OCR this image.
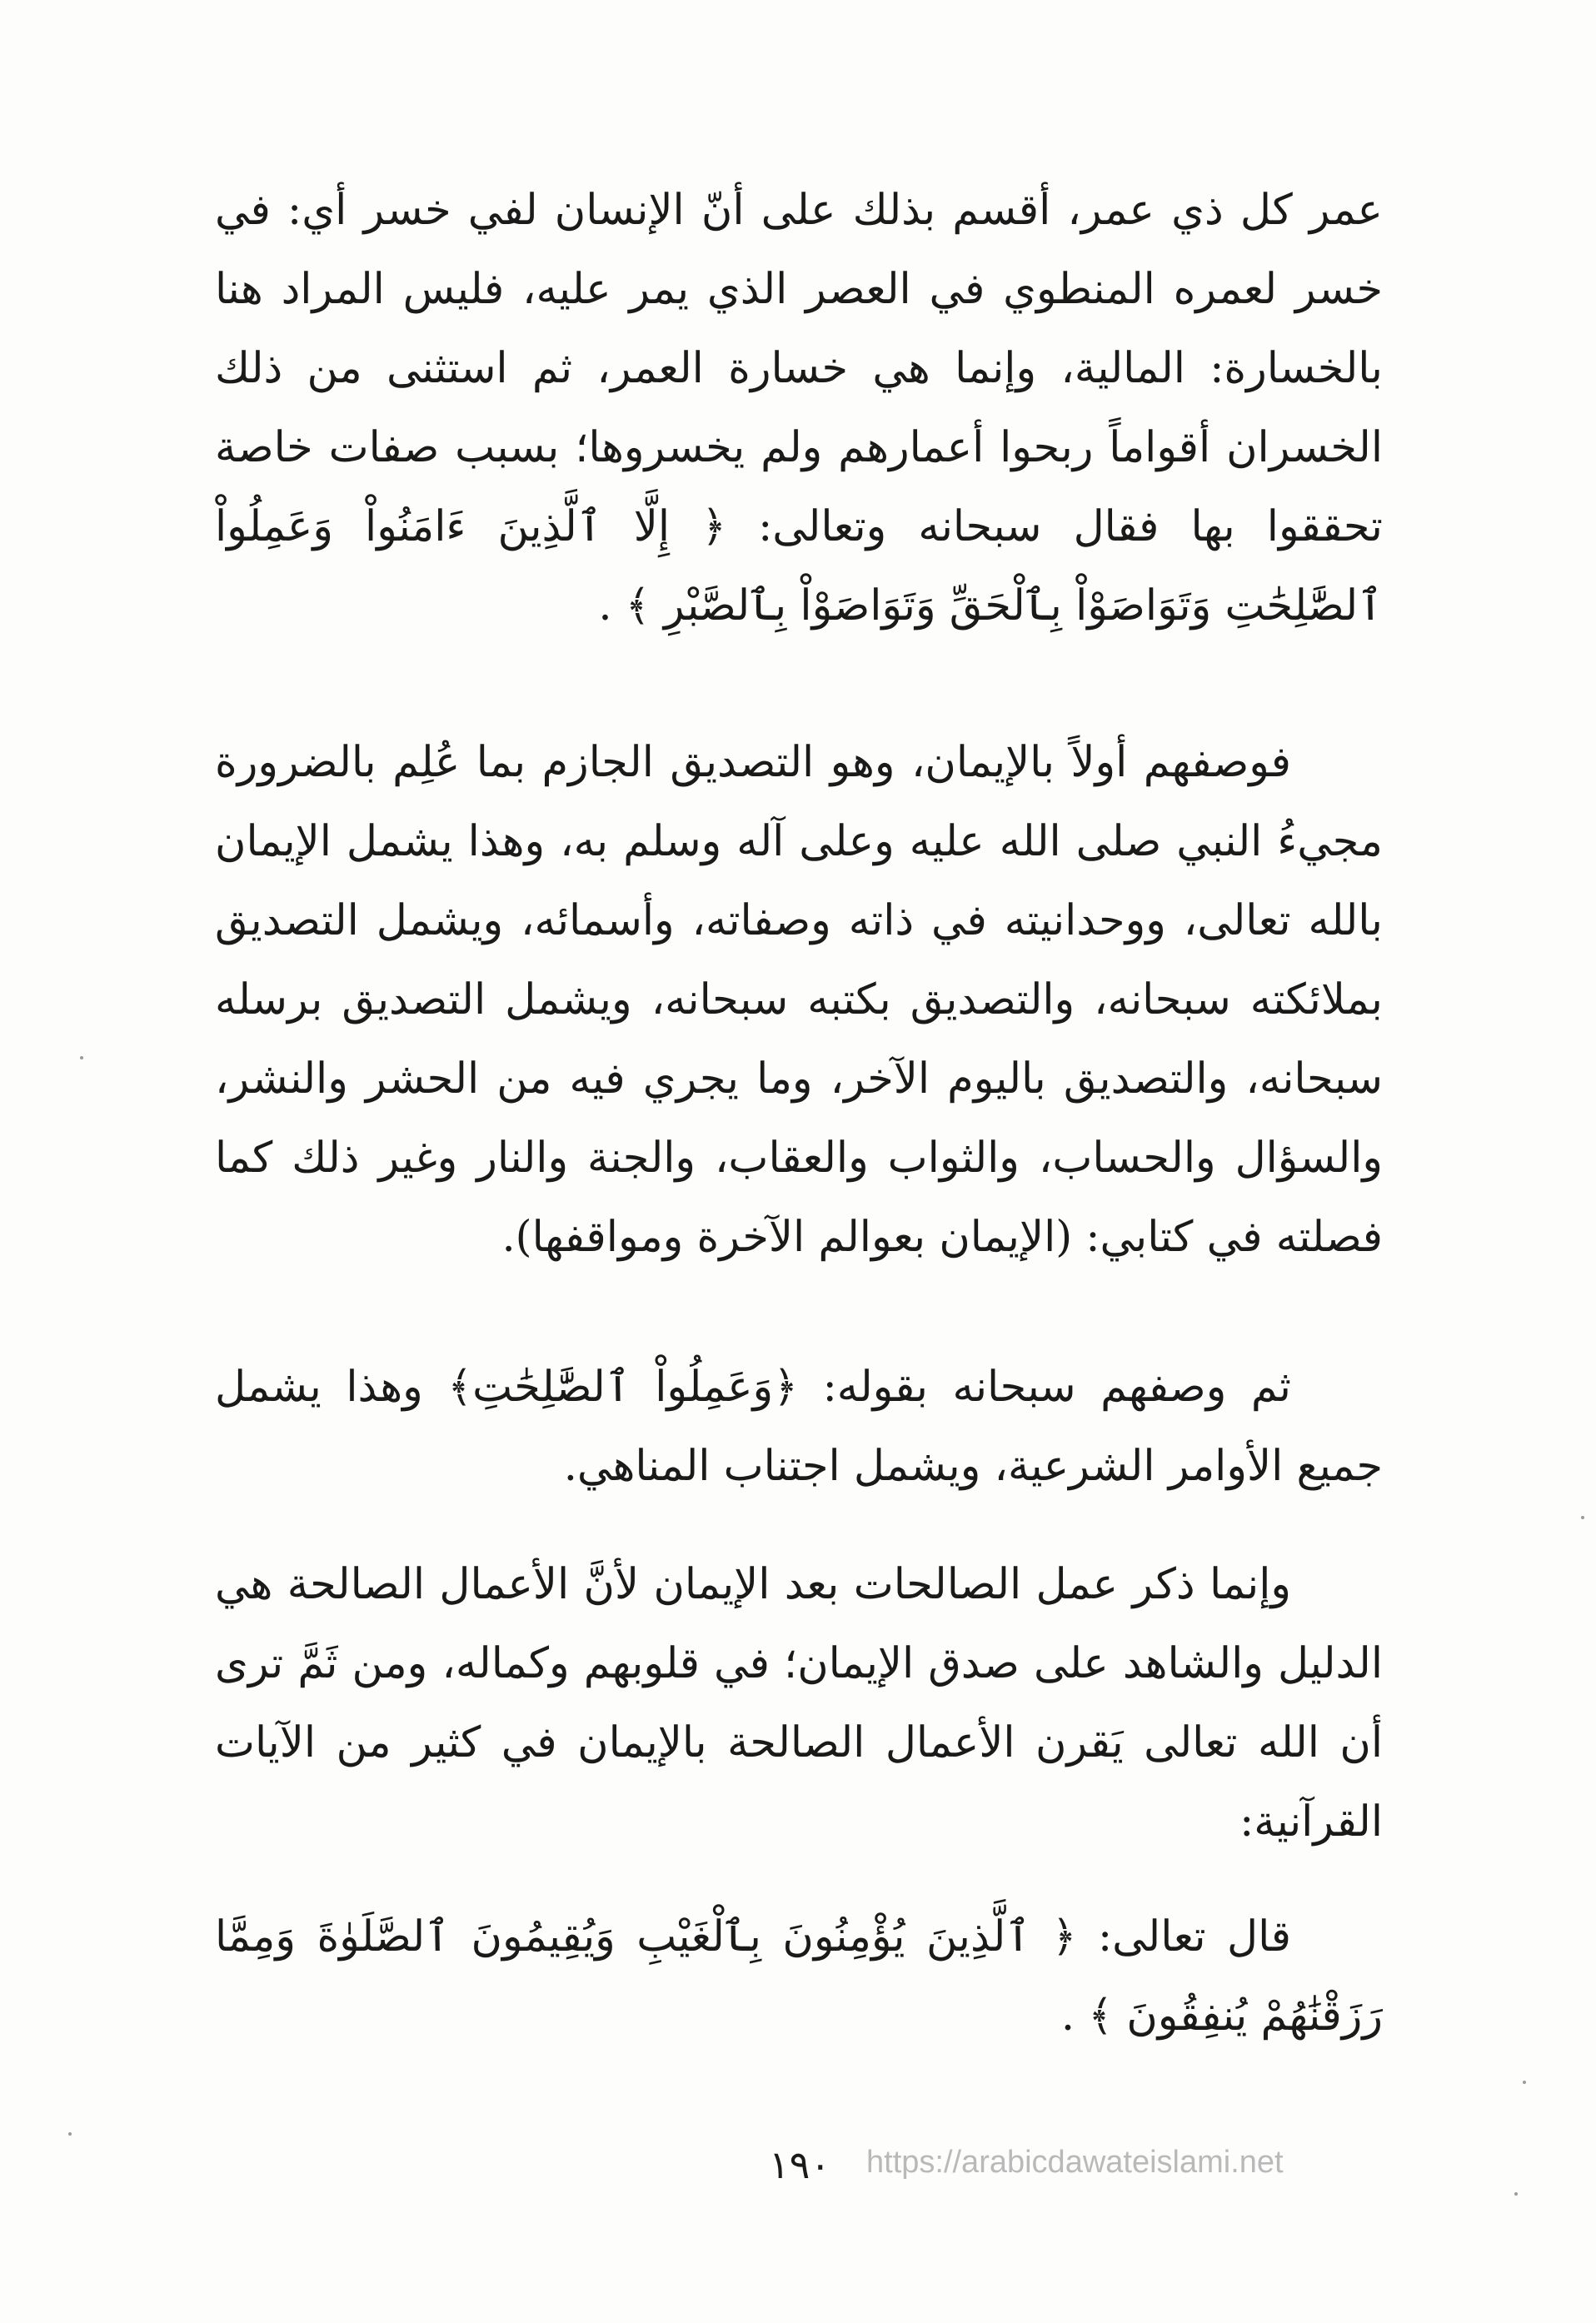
عمر كل ذي عمر، أقسم بذلك على أنّ الإنسان لفي خسر أي: في خسر لعمره المنطوي في العصر الذي يمر عليه، فليس المراد هنا بالخسارة: المالية، وإنما هي خسارة العمر، ثم استثنى من ذلك الخسران أقواماً ربحوا أعمارهم ولم يخسروها؛ بسبب صفات خاصة تحققوا بها فقال سبحانه وتعالى: ﴿ إِلَّا ٱلَّذِينَ ءَامَنُواْ وَعَمِلُواْ ٱلصَّٰلِحَٰتِ وَتَوَاصَوْاْ بِٱلْحَقِّ وَتَوَاصَوْاْ بِٱلصَّبْرِ ﴾ .

فوصفهم أولاً بالإيمان، وهو التصديق الجازم بما عُلِم بالضرورة مجيءُ النبي صلى الله عليه وعلى آله وسلم به، وهذا يشمل الإيمان بالله تعالى، ووحدانيته في ذاته وصفاته، وأسمائه، ويشمل التصديق بملائكته سبحانه، والتصديق بكتبه سبحانه، ويشمل التصديق برسله سبحانه، والتصديق باليوم الآخر، وما يجري فيه من الحشر والنشر، والسؤال والحساب، والثواب والعقاب، والجنة والنار وغير ذلك كما فصلته في كتابي: (الإيمان بعوالم الآخرة ومواقفها).

ثم وصفهم سبحانه بقوله: ﴿وَعَمِلُواْ ٱلصَّٰلِحَٰتِ﴾ وهذا يشمل جميع الأوامر الشرعية، ويشمل اجتناب المناهي.

وإنما ذكر عمل الصالحات بعد الإيمان لأنَّ الأعمال الصالحة هي الدليل والشاهد على صدق الإيمان؛ في قلوبهم وكماله، ومن ثَمَّ ترى أن الله تعالى يَقرن الأعمال الصالحة بالإيمان في كثير من الآيات القرآنية:

قال تعالى: ﴿ ٱلَّذِينَ يُؤْمِنُونَ بِٱلْغَيْبِ وَيُقِيمُونَ ٱلصَّلَوٰةَ وَمِمَّا رَزَقْنَٰهُمْ يُنفِقُونَ ﴾ .

١٩٠	https://arabicdawateislami.net
